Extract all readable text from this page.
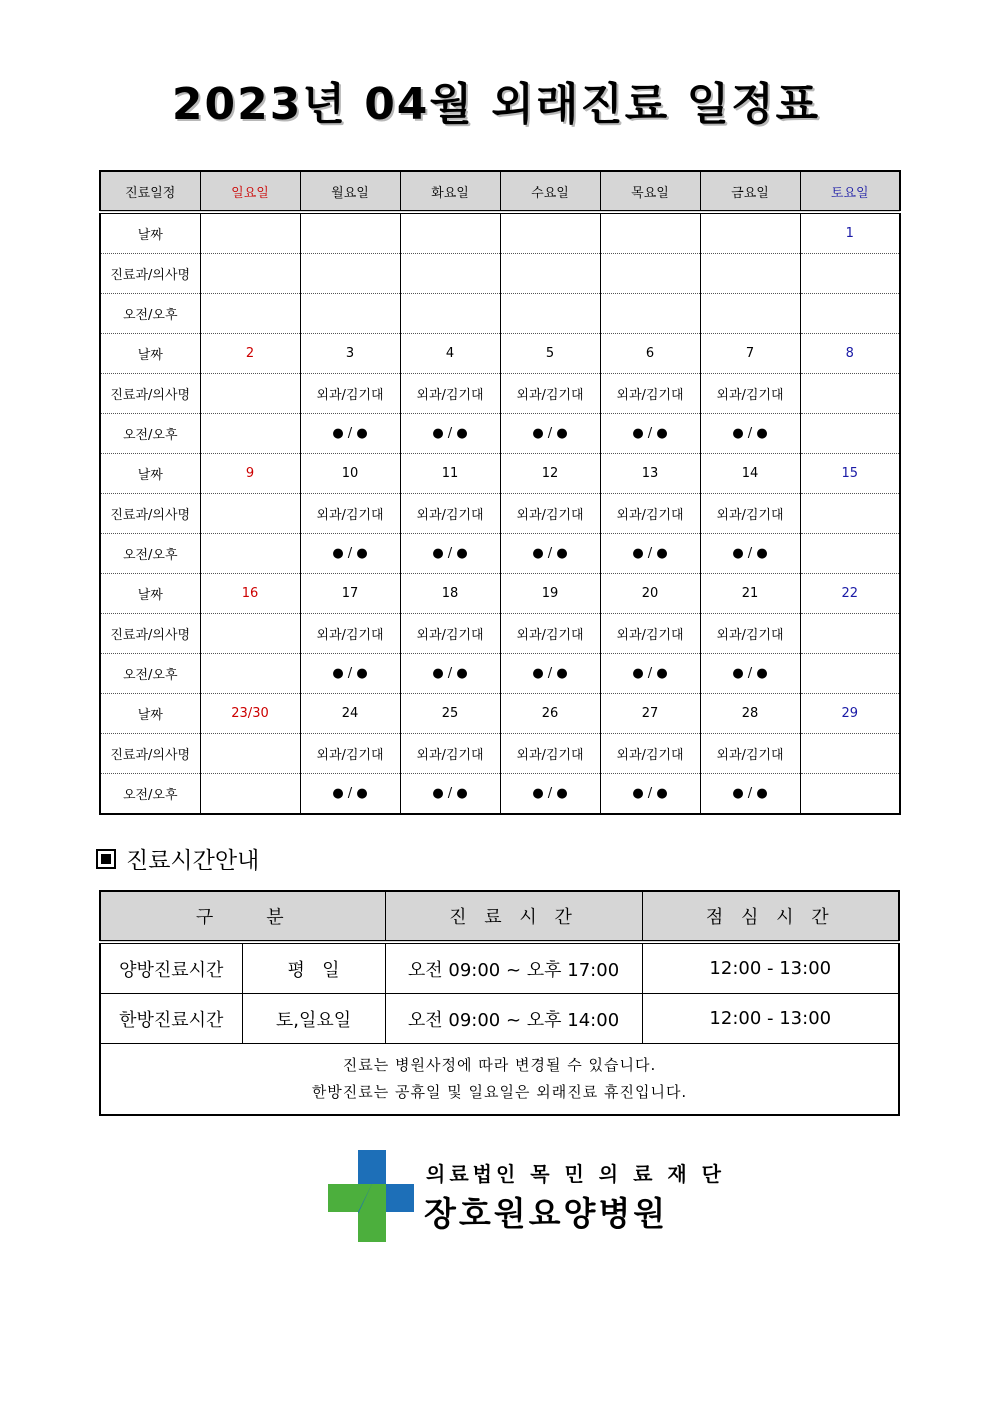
2023년 04월 외래진료 일정표
진료일정	일요일	월요일	화요일	수요일	목요일	금요일	토요일
날짜							1
진료과/의사명							
오전/오후							
날짜	2	3	4	5	6	7	8
진료과/의사명		외과/김기대	외과/김기대	외과/김기대	외과/김기대	외과/김기대	
오전/오후		● / ●	● / ●	● / ●	● / ●	● / ●	
날짜	9	10	11	12	13	14	15
진료과/의사명		외과/김기대	외과/김기대	외과/김기대	외과/김기대	외과/김기대	
오전/오후		● / ●	● / ●	● / ●	● / ●	● / ●	
날짜	16	17	18	19	20	21	22
진료과/의사명		외과/김기대	외과/김기대	외과/김기대	외과/김기대	외과/김기대	
오전/오후		● / ●	● / ●	● / ●	● / ●	● / ●	
날짜	23/30	24	25	26	27	28	29
진료과/의사명		외과/김기대	외과/김기대	외과/김기대	외과/김기대	외과/김기대	
오전/오후		● / ●	● / ●	● / ●	● / ●	● / ●	
진료시간안내
구    분		진 료 시 간	점 심 시 간
양방진료시간	평   일	오전 09:00 ~ 오후 17:00	12:00 - 13:00
한방진료시간	토,일요일	오전 09:00 ~ 오후 14:00	12:00 - 13:00

진료는 병원사정에 따라 변경될 수 있습니다.
한방진료는 공휴일 및 일요일은 외래진료 휴진입니다.			
의료법인 목 민 의 료 재 단
장호원요양병원
